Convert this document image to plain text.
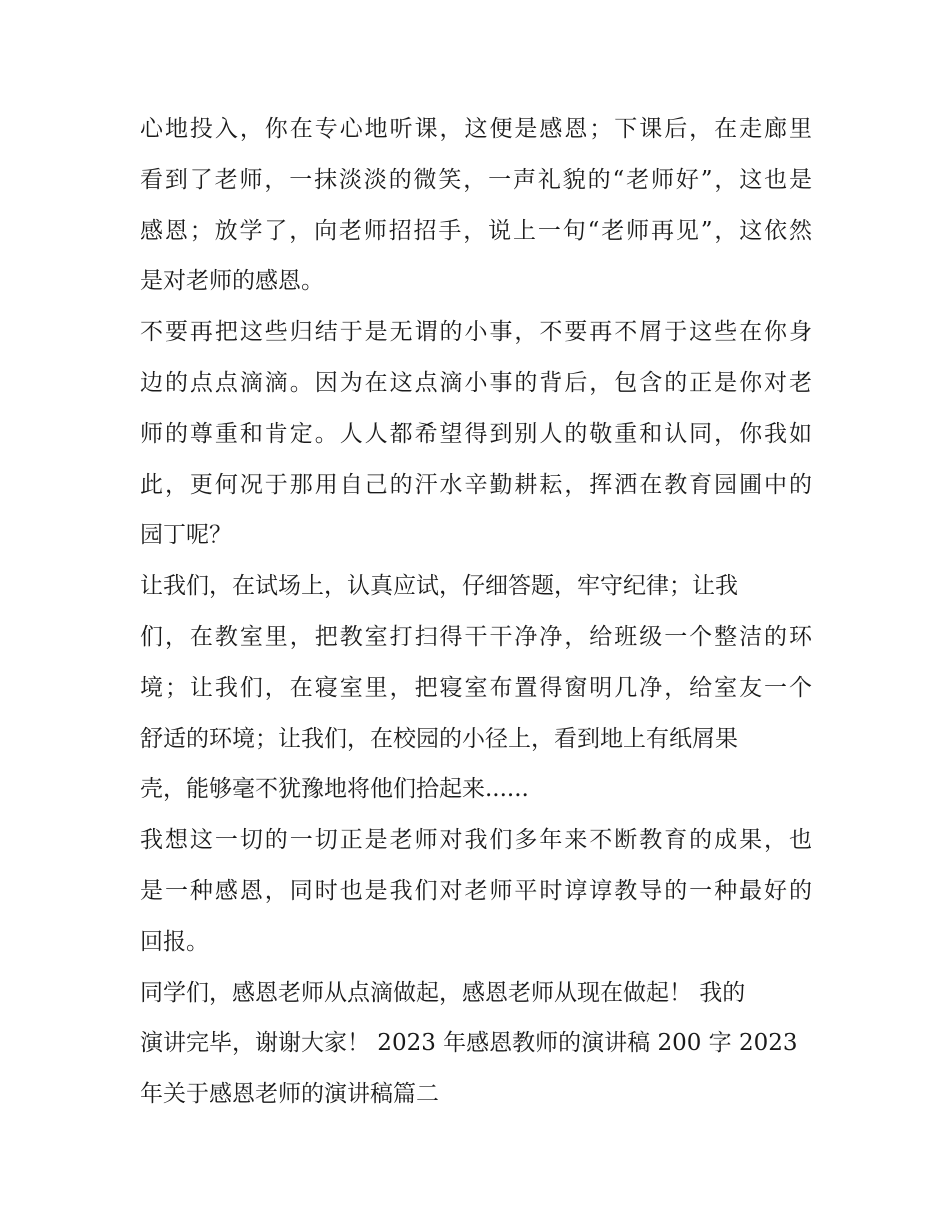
心地投入，你在专心地听课，这便是感恩；下课后，在走廊里
看到了老师，一抹淡淡的微笑，一声礼貌的“老师好”，这也是
感恩；放学了，向老师招招手，说上一句“老师再见”，这依然
是对老师的感恩。
不要再把这些归结于是无谓的小事，不要再不屑于这些在你身
边的点点滴滴。因为在这点滴小事的背后，包含的正是你对老
师的尊重和肯定。人人都希望得到别人的敬重和认同，你我如
此，更何况于那用自己的汗水辛勤耕耘，挥洒在教育园圃中的
园丁呢？
让我们，在试场上，认真应试，仔细答题，牢守纪律；让我
们，在教室里，把教室打扫得干干净净，给班级一个整洁的环
境；让我们，在寝室里，把寝室布置得窗明几净，给室友一个
舒适的环境；让我们，在校园的小径上，看到地上有纸屑果
壳，能够毫不犹豫地将他们拾起来......
我想这一切的一切正是老师对我们多年来不断教育的成果，也
是一种感恩，同时也是我们对老师平时谆谆教导的一种最好的
回报。
同学们，感恩老师从点滴做起，感恩老师从现在做起！ 我的
演讲完毕，谢谢大家！ 2023 年感恩教师的演讲稿 200 字 2023
年关于感恩老师的演讲稿篇二
